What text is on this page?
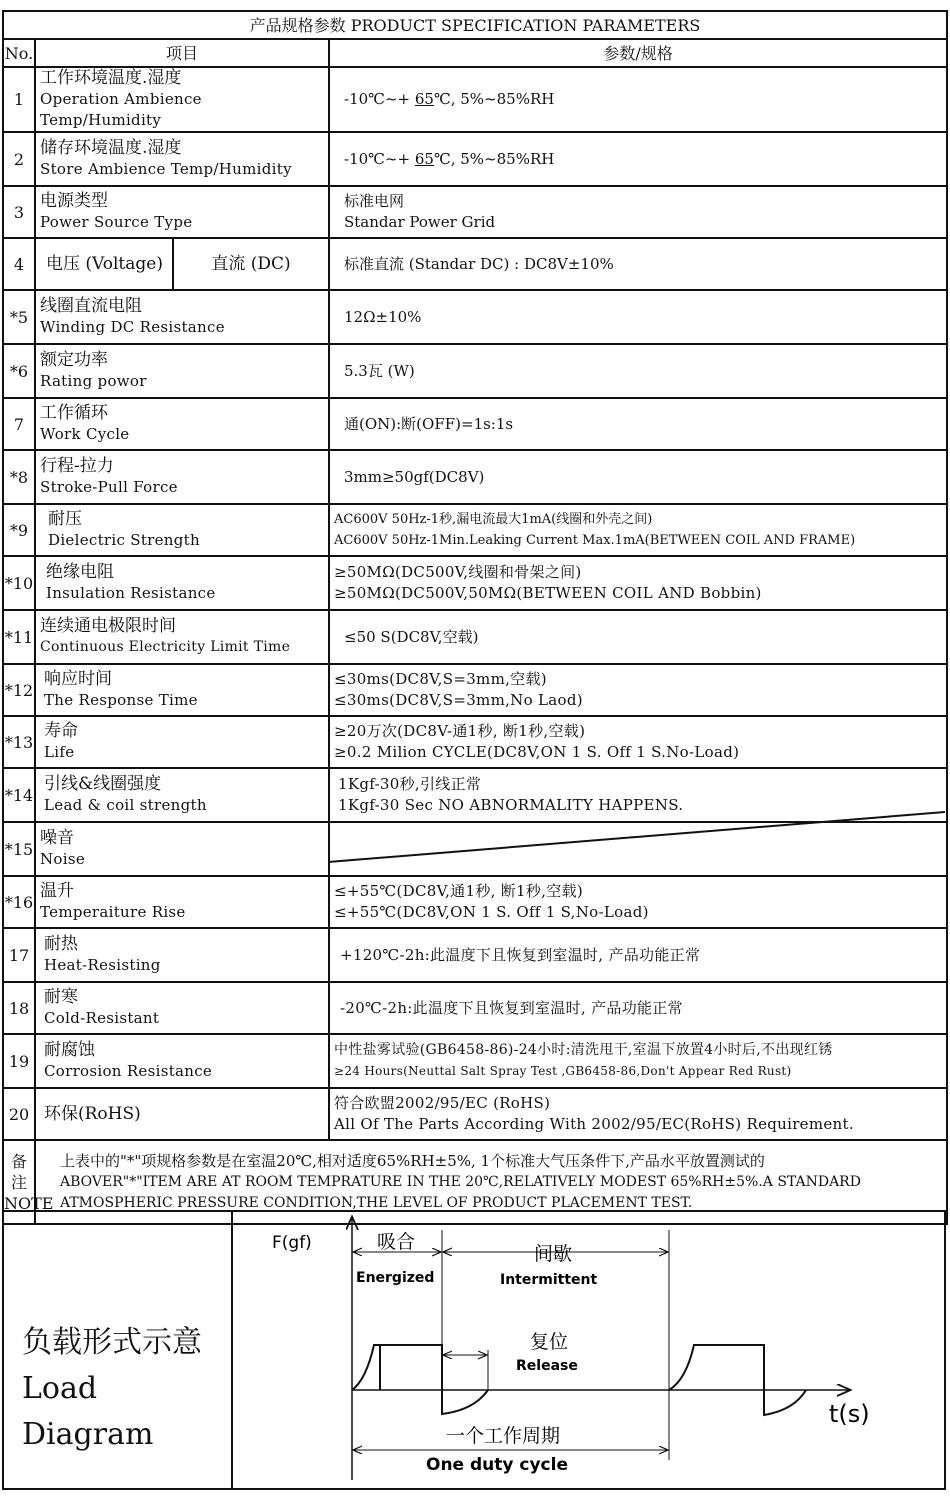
产品规格参数 PRODUCT SPECIFICATION PARAMETERS			
No.	项目		参数/规格
1	工作环境温度.湿度
Operation Ambience Temp/Humidity		-10℃~+ 65℃, 5%~85%RH

2	储存环境温度.湿度
Store Ambience Temp/Humidity		-10℃~+ 65℃, 5%~85%RH

3	电源类型
Power Source Type		标准电网
Standar Power Grid

4	电压 (Voltage)	直流 (DC)	标准直流 (Standar DC) : DC8V±10%

*5	线圈直流电阻
Winding DC Resistance		12Ω±10%

*6	额定功率
Rating powor		5.3瓦 (W)

7	工作循环
Work Cycle		通(ON):断(OFF)=1s:1s

*8	行程-拉力
Stroke-Pull Force		3mm≥50gf(DC8V)

*9	耐压
Dielectric Strength		AC600V 50Hz-1秒,漏电流最大1mA(线圈和外壳之间)
AC600V 50Hz-1Min.Leaking Current Max.1mA(BETWEEN COIL AND FRAME)

*10	绝缘电阻
Insulation Resistance		≥50MΩ(DC500V,线圈和骨架之间)
≥50MΩ(DC500V,50MΩ(BETWEEN COIL AND Bobbin)

*11	连续通电极限时间
Continuous Electricity Limit Time		≤50 S(DC8V,空载)

*12	响应时间
The Response Time		≤30ms(DC8V,S=3mm,空载)
≤30ms(DC8V,S=3mm,No Laod)

*13	寿命
Life		≥20万次(DC8V-通1秒, 断1秒,空载)
≥0.2 Milion CYCLE(DC8V,ON 1 S. Off 1 S.No-Load)

*14	引线&线圈强度
Lead & coil strength		1Kgf-30秒,引线正常
1Kgf-30 Sec NO ABNORMALITY HAPPENS.

*15	噪音
Noise		

*16	温升
Temperaiture Rise		≤+55℃(DC8V,通1秒, 断1秒,空载)
≤+55℃(DC8V,ON 1 S. Off 1 S,No-Load)

17	耐热
Heat-Resisting		+120℃-2h:此温度下且恢复到室温时, 产品功能正常

18	耐寒
Cold-Resistant		-20℃-2h:此温度下且恢复到室温时, 产品功能正常

19	耐腐蚀
Corrosion Resistance		中性盐雾试验(GB6458-86)-24小时:清洗甩干,室温下放置4小时后,不出现红锈
≥24 Hours(Neuttal Salt Spray Test ,GB6458-86,Don't Appear Red Rust)

20	环保(RoHS)		符合欧盟2002/95/EC (RoHS)
All Of The Parts According With 2002/95/EC(RoHS) Requirement.

备注
NOTE	上表中的"*"项规格参数是在室温20℃,相对适度65%RH±5%, 1个标准大气压条件下,产品水平放置测试的
ABOVER"*"ITEM ARE AT ROOM TEMPRATURE IN THE 20℃,RELATIVELY MODEST 65%RH±5%.A STANDARD
ATMOSPHERIC PRESSURE CONDITION,THE LEVEL OF PRODUCT PLACEMENT TEST.		
负载形式示意
Load Diagram
F(gf)
t(s)
吸合
Energized
间歇
Intermittent
复位
Release
一个工作周期
One duty cycle
